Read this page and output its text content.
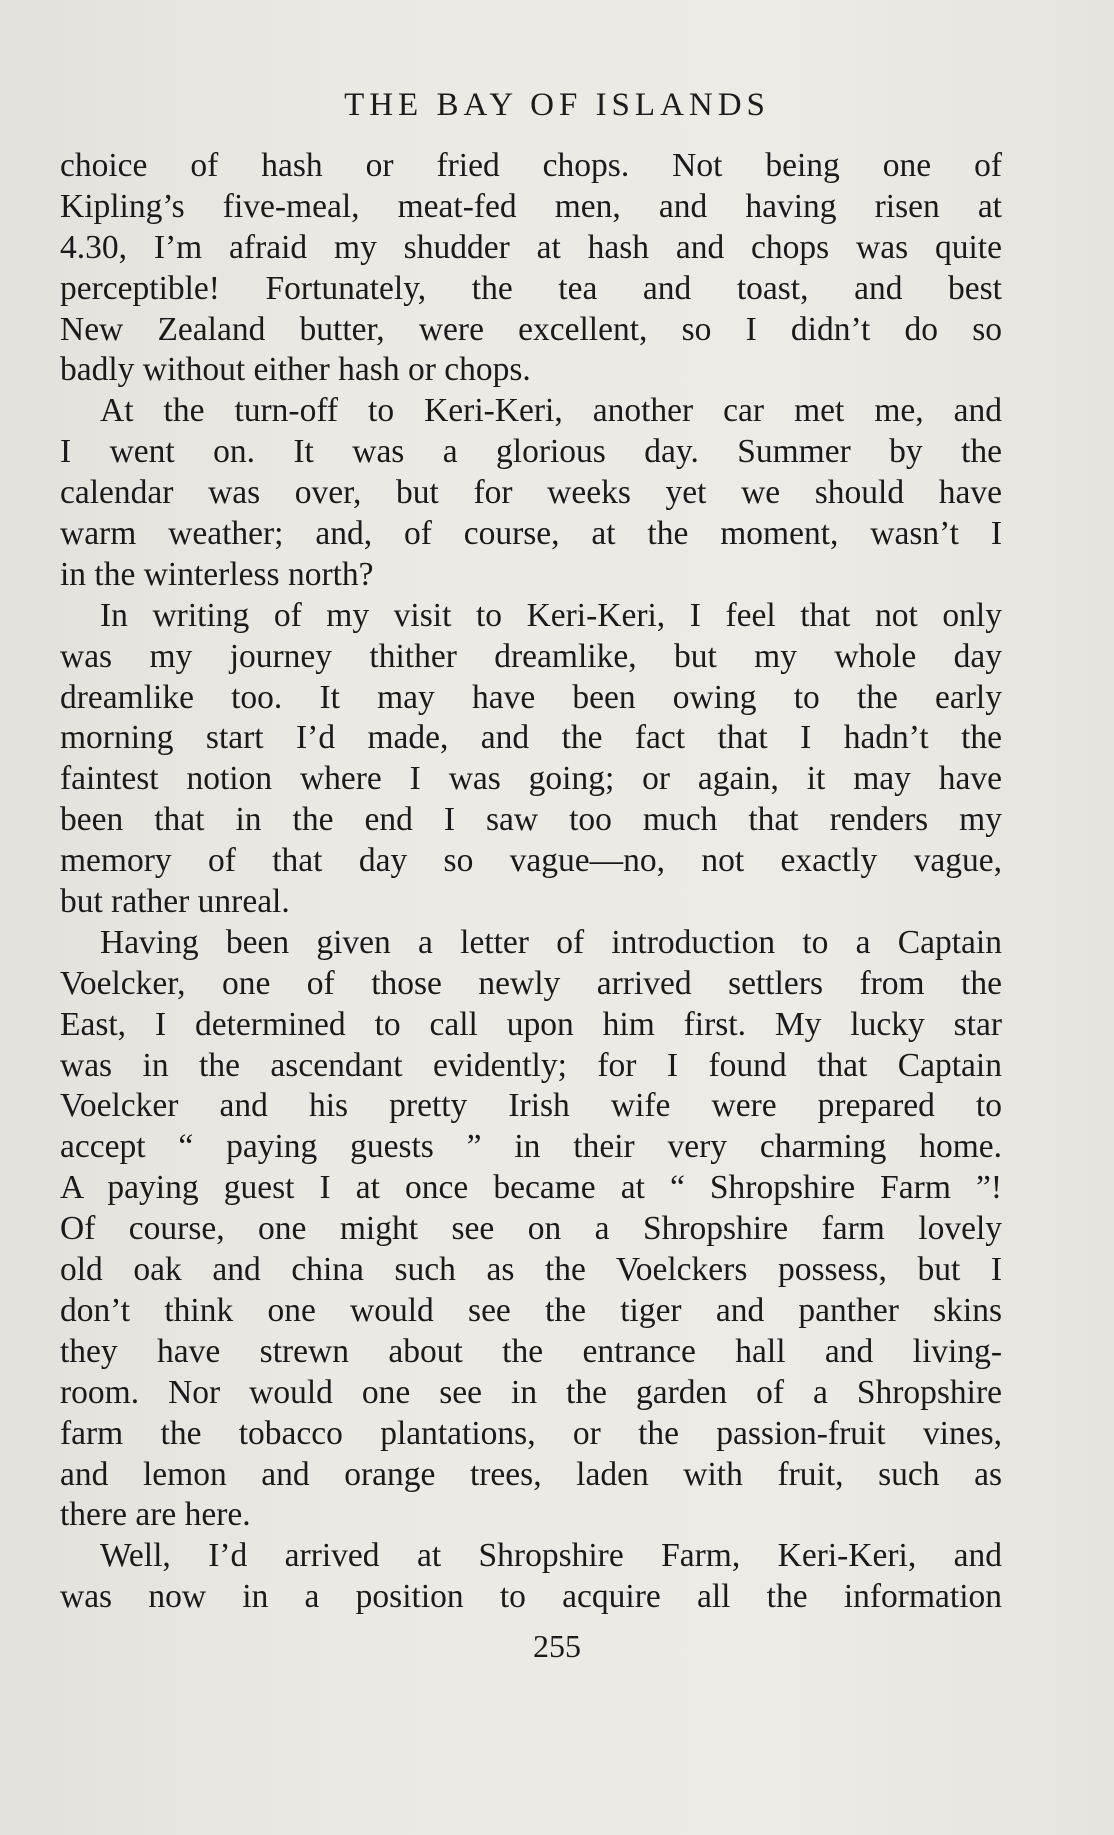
THE BAY OF ISLANDS
choice of hash or fried chops. Not being one of
Kipling’s five-meal, meat-fed men, and having risen at
4.30, I’m afraid my shudder at hash and chops was quite
perceptible! Fortunately, the tea and toast, and best
New Zealand butter, were excellent, so I didn’t do so
badly without either hash or chops.
At the turn-off to Keri-Keri, another car met me, and
I went on. It was a glorious day. Summer by the
calendar was over, but for weeks yet we should have
warm weather; and, of course, at the moment, wasn’t I
in the winterless north?
In writing of my visit to Keri-Keri, I feel that not only
was my journey thither dreamlike, but my whole day
dreamlike too. It may have been owing to the early
morning start I’d made, and the fact that I hadn’t the
faintest notion where I was going; or again, it may have
been that in the end I saw too much that renders my
memory of that day so vague—no, not exactly vague,
but rather unreal.
Having been given a letter of introduction to a Captain
Voelcker, one of those newly arrived settlers from the
East, I determined to call upon him first. My lucky star
was in the ascendant evidently; for I found that Captain
Voelcker and his pretty Irish wife were prepared to
accept “ paying guests ” in their very charming home.
A paying guest I at once became at “ Shropshire Farm ”!
Of course, one might see on a Shropshire farm lovely
old oak and china such as the Voelckers possess, but I
don’t think one would see the tiger and panther skins
they have strewn about the entrance hall and living-
room. Nor would one see in the garden of a Shropshire
farm the tobacco plantations, or the passion-fruit vines,
and lemon and orange trees, laden with fruit, such as
there are here.
Well, I’d arrived at Shropshire Farm, Keri-Keri, and
was now in a position to acquire all the information
255
